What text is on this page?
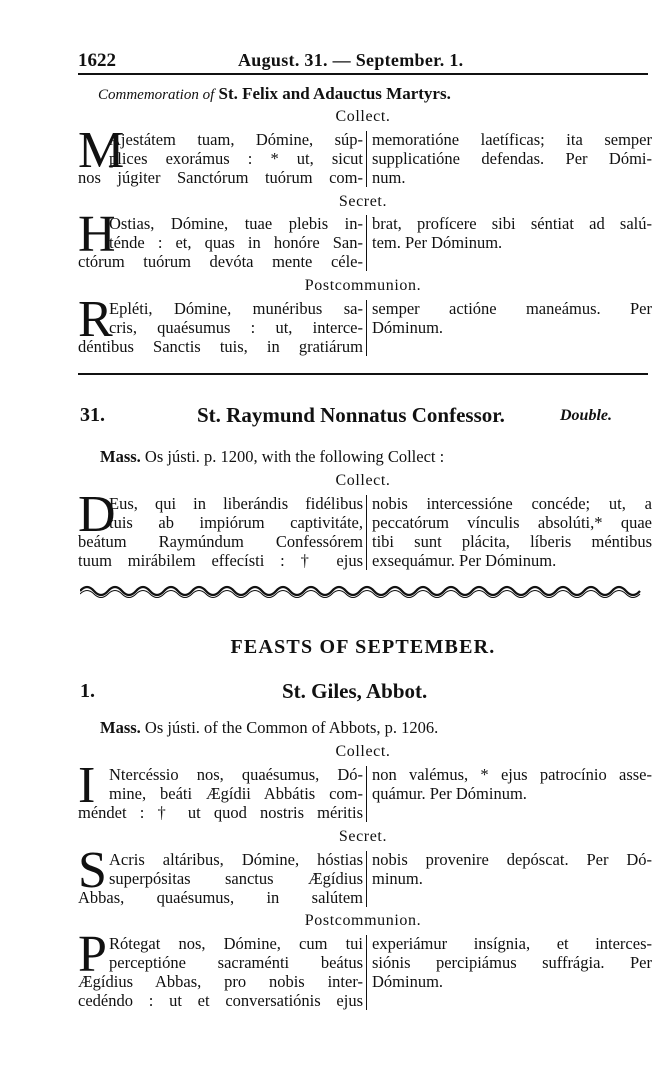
1622	August. 31. — September. 1.
Commemoration of St. Felix and Adauctus Martyrs.
Collect.
M
Ajestátem tuam, Dómine, súp-
plices exorámus : * ut, sicut
nos júgiter Sanctórum tuórum com-
memoratióne laetíficas; ita semper
supplicatióne defendas. Per Dómi-
num.
Secret.
H
Ostias, Dómine, tuae plebis in-
ténde : et, quas in honóre San-
ctórum tuórum devóta mente céle-
brat, profícere sibi séntiat ad salú-
tem. Per Dóminum.
Postcommunion.
R
Epléti, Dómine, munéribus sa-
cris, quaésumus : ut, interce-
déntibus Sanctis tuis, in gratiárum
semper actióne maneámus. Per
Dóminum.
31.	St. Raymund Nonnatus Confessor.	Double.
Mass. Os jústi. p. 1200, with the following Collect :
Collect.
D
Eus, qui in liberándis fidélibus
tuis ab impiórum captivitáte,
beátum Raymúndum Confessórem
tuum mirábilem effecísti : † ejus
nobis intercessióne concéde; ut, a
peccatórum vínculis absolúti,* quae
tibi sunt plácita, líberis méntibus
exsequámur. Per Dóminum.
FEASTS OF SEPTEMBER.
1.	St. Giles, Abbot.
Mass. Os jústi. of the Common of Abbots, p. 1206.
Collect.
I Ntercéssio nos, quaésumus, Dó-
mine, beáti Ægídii Abbátis com-
méndet : † ut quod nostris méritis
non valémus, * ejus patrocínio asse-
quámur. Per Dóminum.
Secret.
S Acris altáribus, Dómine, hóstias
superpósitas sanctus Ægídius
Abbas, quaésumus, in salútem
nobis provenire depóscat. Per Dó-
minum.
Postcommunion.
P Rótegat nos, Dómine, cum tui
perceptióne sacraménti beátus
Ægídius Abbas, pro nobis inter-
cedéndo : ut et conversatiónis ejus
experiámur insígnia, et interces-
siónis percipiámus suffrágia. Per
Dóminum.
